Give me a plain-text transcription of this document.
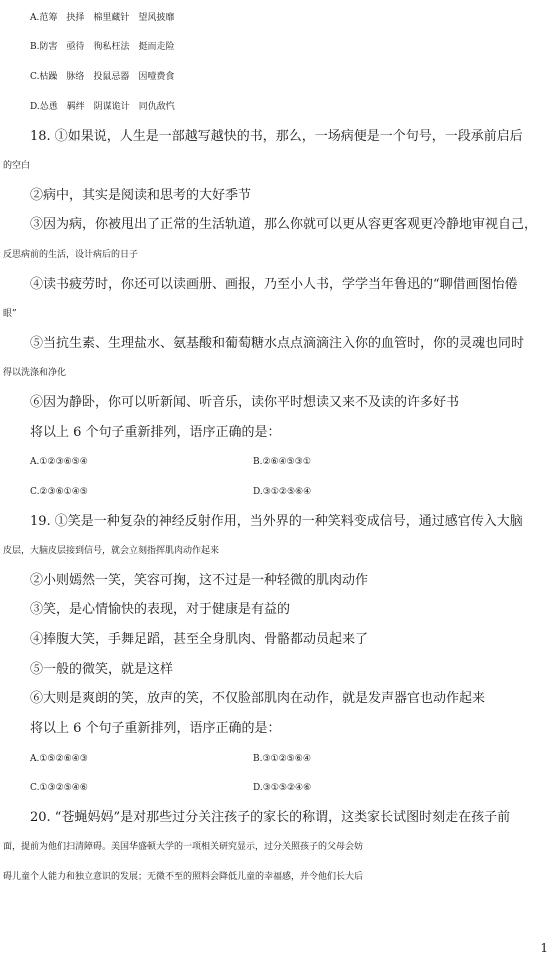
A.范筹　抉择　棉里藏针　望风披靡
B.防害　亟待　徇私枉法　挺而走险
C.枯躁　脉络　投鼠忌器　因噎费食
D.怂恿　羁绊　阴谋诡计　同仇敌忾
18. ①如果说，人生是一部越写越快的书，那么，一场病便是一个句号，一段承前启后
的空白
②病中，其实是阅读和思考的大好季节
③因为病，你被甩出了正常的生活轨道，那么你就可以更从容更客观更冷静地审视自己，
反思病前的生活，设计病后的日子
④读书疲劳时，你还可以读画册、画报，乃至小人书，学学当年鲁迅的“聊借画图怡倦
眼”
⑤当抗生素、生理盐水、氨基酸和葡萄糖水点点滴滴注入你的血管时，你的灵魂也同时
得以洗涤和净化
⑥因为静卧，你可以听新闻、听音乐，读你平时想读又来不及读的许多好书
将以上 6 个句子重新排列，语序正确的是：
A.①②③⑥⑤④	B.②⑥④⑤③①
C.②③⑥①④⑤	D.③①②⑤⑥④
19. ①笑是一种复杂的神经反射作用，当外界的一种笑料变成信号，通过感官传入大脑
皮层，大脑皮层接到信号，就会立刻指挥肌肉动作起来
②小则嫣然一笑，笑容可掬，这不过是一种轻微的肌肉动作
③笑，是心情愉快的表现，对于健康是有益的
④捧腹大笑，手舞足蹈，甚至全身肌肉、骨骼都动员起来了
⑤一般的微笑，就是这样
⑥大则是爽朗的笑，放声的笑，不仅脸部肌肉在动作，就是发声器官也动作起来
将以上 6 个句子重新排列，语序正确的是：
A.①⑤②⑥④③	B.③①②⑤⑥④
C.①③②⑤④⑥	D.③①⑤②④⑥
20. “苍蝇妈妈”是对那些过分关注孩子的家长的称谓，这类家长试图时刻走在孩子前
面，提前为他们扫清障碍。美国华盛顿大学的一项相关研究显示，过分关照孩子的父母会妨
碍儿童个人能力和独立意识的发展；无微不至的照料会降低儿童的幸福感，并令他们长大后
1
